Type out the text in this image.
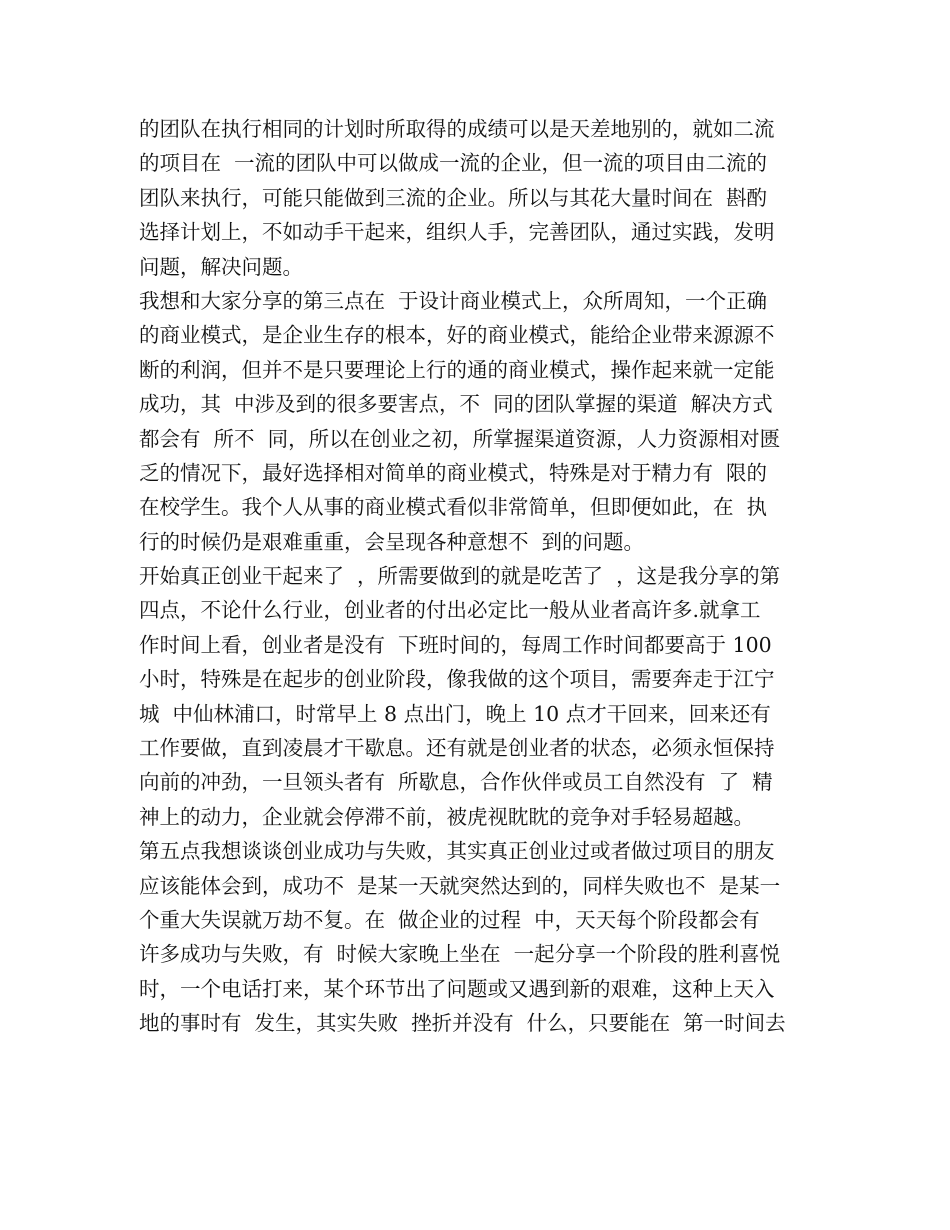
的团队在执行相同的计划时所取得的成绩可以是天差地别的，就如二流
的项目在  一流的团队中可以做成一流的企业，但一流的项目由二流的
团队来执行，可能只能做到三流的企业。所以与其花大量时间在  斟酌
选择计划上，不如动手干起来，组织人手，完善团队，通过实践，发明
问题，解决问题。
我想和大家分享的第三点在  于设计商业模式上，众所周知，一个正确
的商业模式，是企业生存的根本，好的商业模式，能给企业带来源源不
断的利润，但并不是只要理论上行的通的商业模式，操作起来就一定能
成功，其  中涉及到的很多要害点，不  同的团队掌握的渠道  解决方式
都会有  所不  同，所以在创业之初，所掌握渠道资源，人力资源相对匮
乏的情况下，最好选择相对简单的商业模式，特殊是对于精力有  限的
在校学生。我个人从事的商业模式看似非常简单，但即便如此，在  执
行的时候仍是艰难重重，会呈现各种意想不  到的问题。
开始真正创业干起来了  ，所需要做到的就是吃苦了  ，这是我分享的第
四点，不论什么行业，创业者的付出必定比一般从业者高许多.就拿工
作时间上看，创业者是没有  下班时间的，每周工作时间都要高于 100
小时，特殊是在起步的创业阶段，像我做的这个项目，需要奔走于江宁
城  中仙林浦口，时常早上 8 点出门，晚上 10 点才干回来，回来还有
工作要做，直到凌晨才干歇息。还有就是创业者的状态，必须永恒保持
向前的冲劲，一旦领头者有  所歇息，合作伙伴或员工自然没有  了  精
神上的动力，企业就会停滞不前，被虎视眈眈的竞争对手轻易超越。
第五点我想谈谈创业成功与失败，其实真正创业过或者做过项目的朋友
应该能体会到，成功不  是某一天就突然达到的，同样失败也不  是某一
个重大失误就万劫不复。在  做企业的过程  中，天天每个阶段都会有
许多成功与失败，有  时候大家晚上坐在  一起分享一个阶段的胜利喜悦
时，一个电话打来，某个环节出了问题或又遇到新的艰难，这种上天入
地的事时有  发生，其实失败  挫折并没有  什么，只要能在  第一时间去
